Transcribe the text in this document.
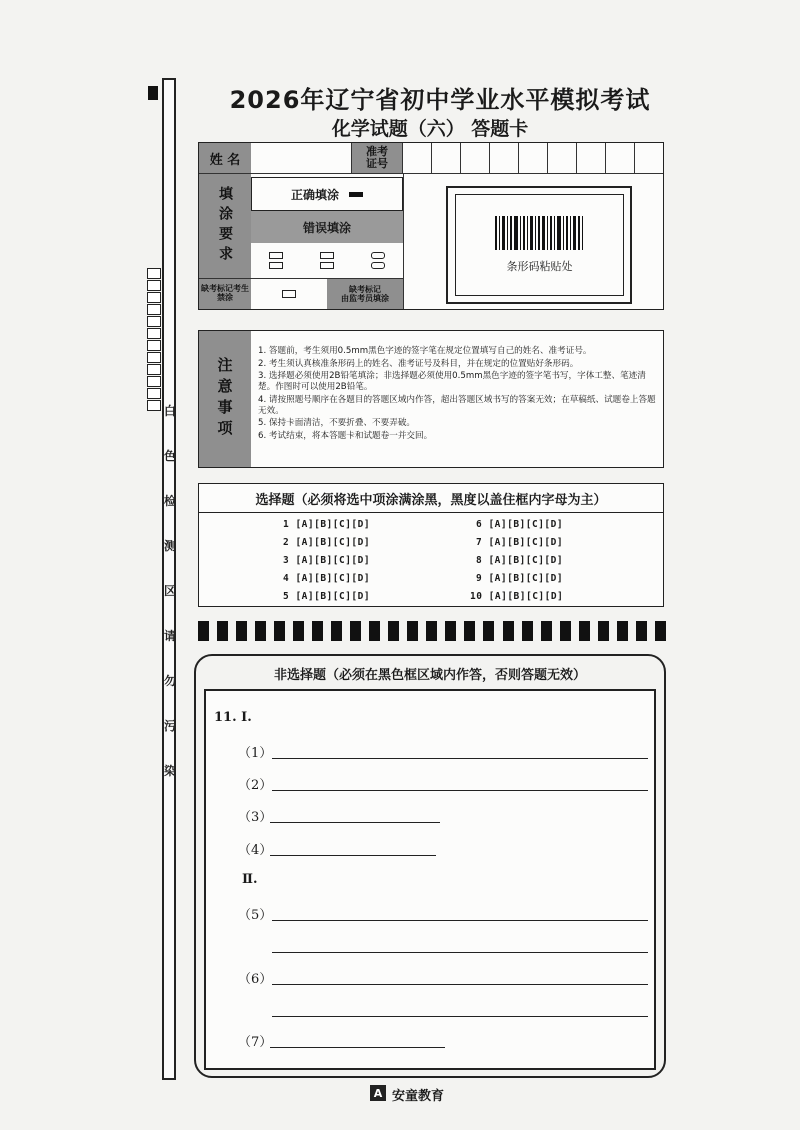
白
色
检
测
区
请
勿
污
染
2026年辽宁省初中学业水平模拟考试
化学试题（六） 答题卡
姓 名
准考
证号
填涂要求	正确填涂
错误填涂
缺考标记考生禁涂
缺考标记
由监考员填涂
条形码粘贴处
注意事项

1. 答题前，考生须用0.5mm黑色字迹的签字笔在规定位置填写自己的姓名、准考证号。

2. 考生须认真核准条形码上的姓名、准考证号及科目，并在规定的位置贴好条形码。

3. 选择题必须使用2B铅笔填涂；非选择题必须使用0.5mm黑色字迹的签字笔书写，字体工整、笔迹清楚。作图时可以使用2B铅笔。

4. 请按照题号顺序在各题目的答题区域内作答，超出答题区域书写的答案无效；在草稿纸、试题卷上答题无效。

5. 保持卡面清洁，不要折叠、不要弄破。

6. 考试结束，将本答题卡和试题卷一并交回。

选择题（必须将选中项涂满涂黑，黑度以盖住框内字母为主）
1 [A][B][C][D]
2 [A][B][C][D]
3 [A][B][C][D]
4 [A][B][C][D]
5 [A][B][C][D]
6 [A][B][C][D]
7 [A][B][C][D]
8 [A][B][C][D]
9 [A][B][C][D]
10 [A][B][C][D]
非选择题（必须在黑色框区域内作答，否则答题无效）
11. Ⅰ.
（1）
（2）
（3）
（4）
Ⅱ.
（5）
（6）
（7）
A 安童教育
